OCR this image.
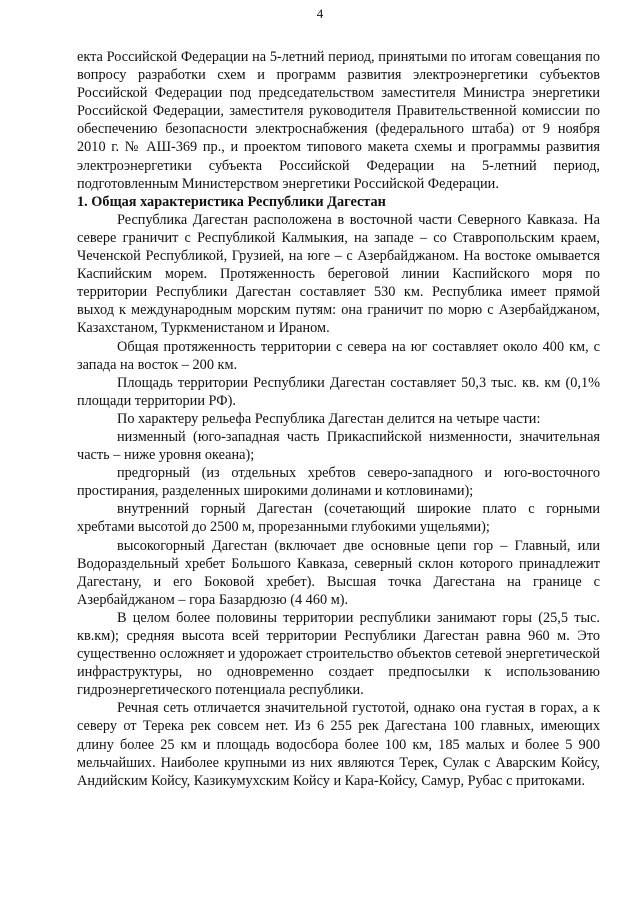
4

екта Российской Федерации на 5-летний период, принятыми по итогам совещания по вопросу разработки схем и программ развития электроэнергетики субъектов Российской Федерации под председательством заместителя Министра энергетики Российской Федерации, заместителя руководителя Правительственной комиссии по обеспечению безопасности электроснабжения (федерального штаба) от 9 ноября 2010 г. № АШ-369 пр., и проектом типового макета схемы и программы развития электроэнергетики субъекта Российской Федерации на 5-летний период, подготовленным Министерством энергетики Российской Федерации.

1. Общая характеристика Республики Дагестан

Республика Дагестан расположена в восточной части Северного Кавказа. На севере граничит с Республикой Калмыкия, на западе – со Ставропольским краем, Чеченской Республикой, Грузией, на юге – с Азербайджаном. На востоке омывается Каспийским морем. Протяженность береговой линии Каспийского моря по территории Республики Дагестан составляет 530 км. Республика имеет прямой выход к международным морским путям: она граничит по морю с Азербайджаном, Казахстаном, Туркменистаном и Ираном.

Общая протяженность территории с севера на юг составляет около 400 км, с запада на восток – 200 км.

Площадь территории Республики Дагестан составляет 50,3 тыс. кв. км (0,1% площади территории РФ).

По характеру рельефа Республика Дагестан делится на четыре части:

низменный (юго-западная часть Прикаспийской низменности, значительная часть – ниже уровня океана);

предгорный (из отдельных хребтов северо-западного и юго-восточного простирания, разделенных широкими долинами и котловинами);

внутренний горный Дагестан (сочетающий широкие плато с горными хребтами высотой до 2500 м, прорезанными глубокими ущельями);

высокогорный Дагестан (включает две основные цепи гор – Главный, или Водораздельный хребет Большого Кавказа, северный склон которого принадлежит Дагестану, и его Боковой хребет). Высшая точка Дагестана на границе с Азербайджаном – гора Базардюзю (4 460 м).

В целом более половины территории республики занимают горы (25,5 тыс. кв.км); средняя высота всей территории Республики Дагестан равна 960 м. Это существенно осложняет и удорожает строительство объектов сетевой энергетической инфраструктуры, но одновременно создает предпосылки к использованию гидроэнергетического потенциала республики.

Речная сеть отличается значительной густотой, однако она густая в горах, а к северу от Терека рек совсем нет. Из 6 255 рек Дагестана 100 главных, имеющих длину более 25 км и площадь водосбора более 100 км, 185 малых и более 5 900 мельчайших. Наиболее крупными из них являются Терек, Сулак с Аварским Койсу, Андийским Койсу, Казикумухским Койсу и Кара-Койсу, Самур, Рубас с притоками.
